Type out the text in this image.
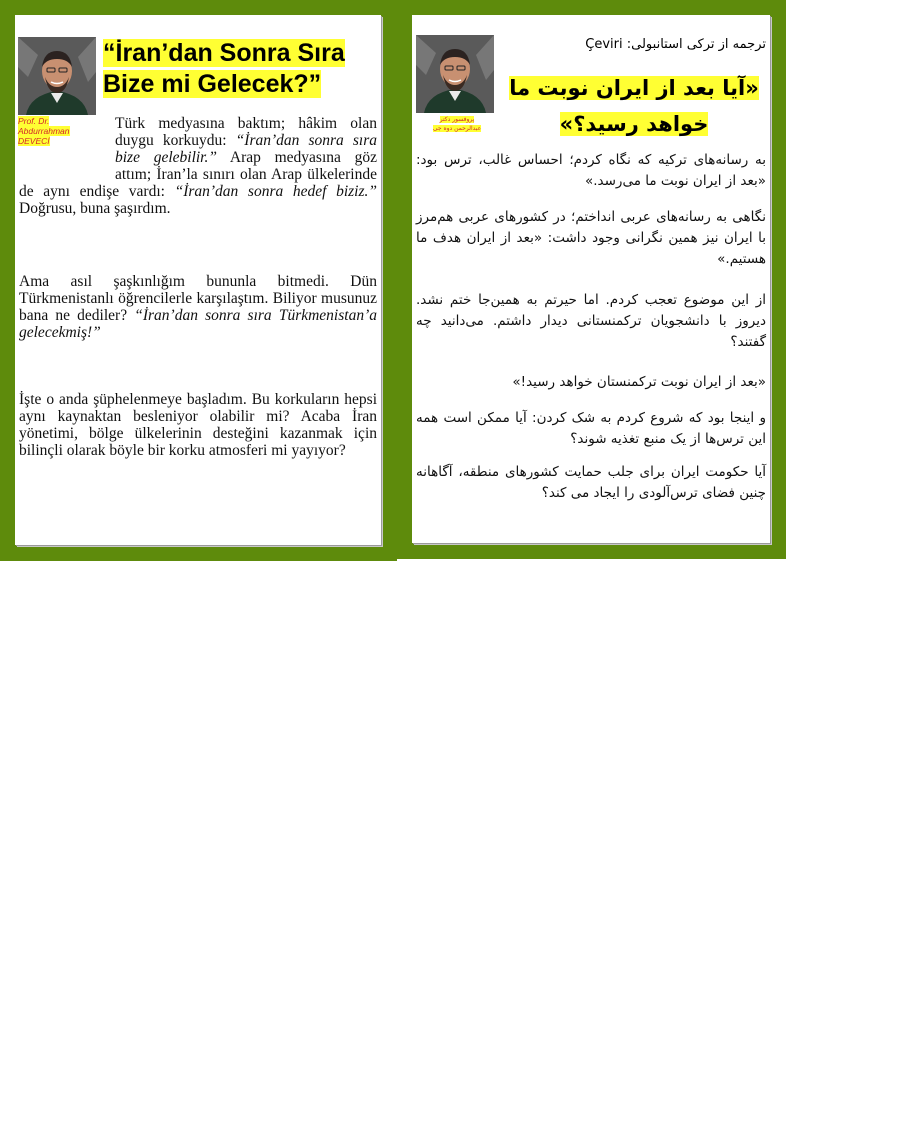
“İran’dan Sonra Sıra Bize mi Gelecek?”
Prof. Dr.
Abdurrahman
DEVECİ

Türk medyasına baktım; hâkim olan duygu korkuydu: “İran’dan sonra sıra bize gelebilir.” Arap medyasına göz attım; İran’la sınırı olan Arap ülkelerinde de aynı endişe vardı: “İran’dan sonra hedef biziz.” Doğrusu, buna şaşırdım.

Ama asıl şaşkınlığım bununla bitmedi. Dün Türkmenistanlı öğrencilerle karşılaştım. Biliyor musunuz bana ne dediler? “İran’dan sonra sıra Türkmenistan’a gelecekmiş!”

İşte o anda şüphelenmeye başladım. Bu korkuların hepsi aynı kaynaktan besleniyor olabilir mi? Acaba İran yönetimi, bölge ülkelerinin desteğini kazanmak için bilinçli olarak böyle bir korku atmosferi mi yayıyor?

پروفسور دکتر
عبدالرحمن دوه جی
ترجمه از ترکی استانبولی: Çeviri
«آیا بعد از ایران نوبت ما خواهد رسید؟»

به رسانه‌های ترکیه که نگاه کردم؛ احساس غالب، ترس بود: «بعد از ایران نوبت ما می‌رسد.»

نگاهی به رسانه‌های عربی انداختم؛ در کشورهای عربی هم‌مرز با ایران نیز همین نگرانی وجود داشت: «بعد از ایران هدف ما هستیم.»

از این موضوع تعجب کردم. اما حیرتم به همین‌جا ختم نشد. دیروز با دانشجویان ترکمنستانی دیدار داشتم. می‌دانید چه گفتند؟

«بعد از ایران نوبت ترکمنستان خواهد رسید!»

و اینجا بود که شروع کردم به شک کردن: آیا ممکن است همه این ترس‌ها از یک منبع تغذیه شوند؟

آیا حکومت ایران برای جلب حمایت کشورهای منطقه، آگاهانه چنین فضای ترس‌آلودی را ایجاد می کند؟
